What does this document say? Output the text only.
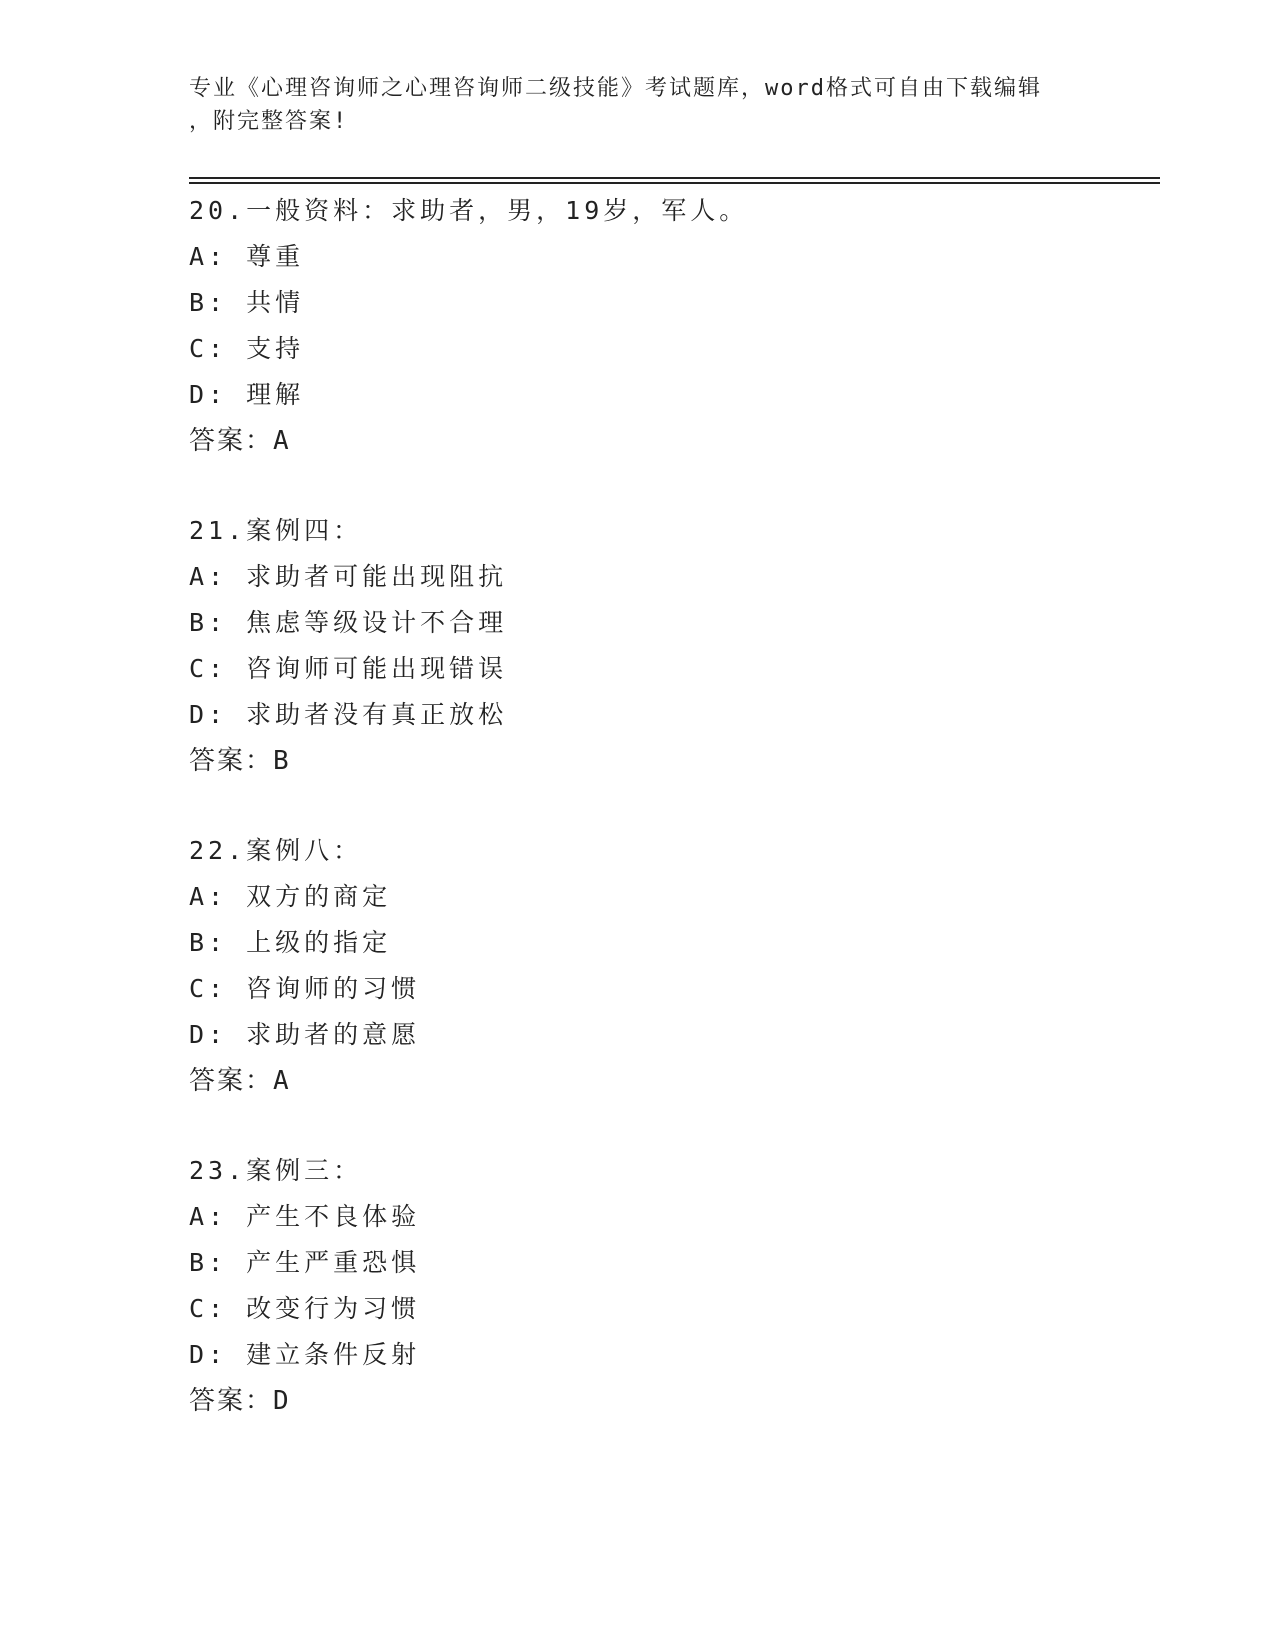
专业《心理咨询师之心理咨询师二级技能》考试题库，word格式可自由下载编辑

，附完整答案!

20.一般资料：求助者，男，19岁，军人。
A: 尊重
B: 共情
C: 支持
D: 理解
答案：A
21.案例四：
A: 求助者可能出现阻抗
B: 焦虑等级设计不合理
C: 咨询师可能出现错误
D: 求助者没有真正放松
答案：B
22.案例八：
A: 双方的商定
B: 上级的指定
C: 咨询师的习惯
D: 求助者的意愿
答案：A
23.案例三：
A: 产生不良体验
B: 产生严重恐惧
C: 改变行为习惯
D: 建立条件反射
答案：D
